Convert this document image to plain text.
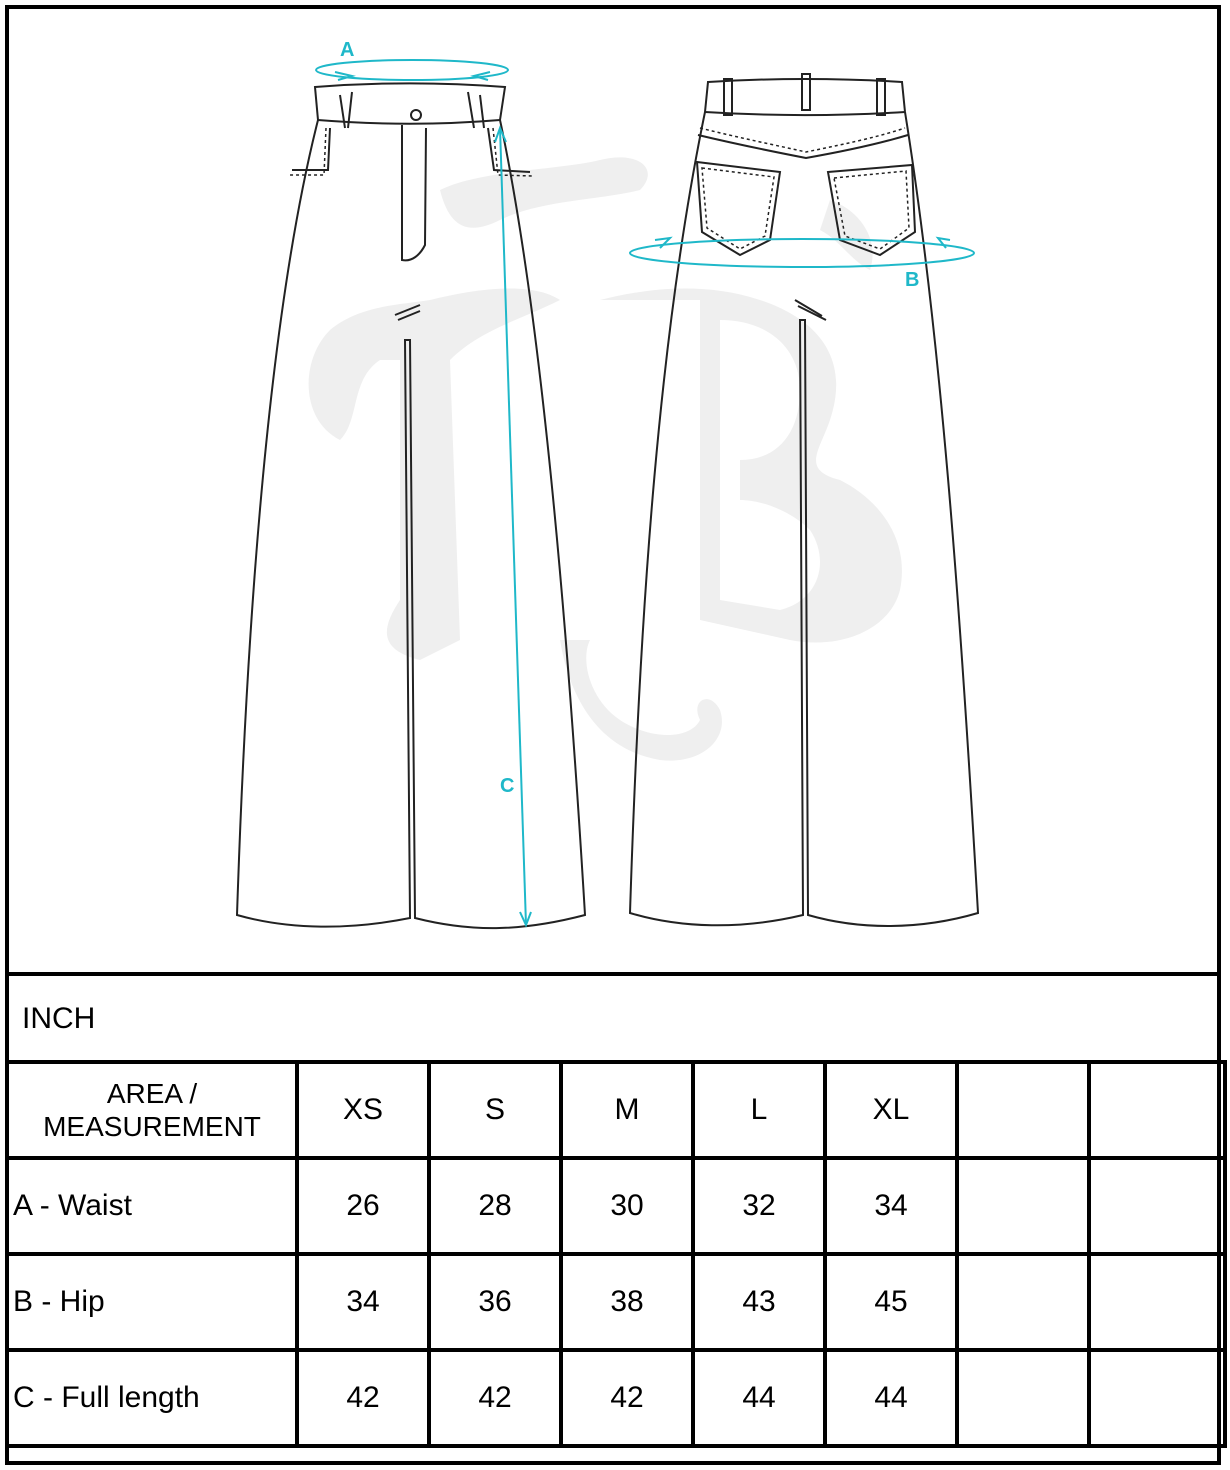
A
B
C
INCH
AREA / MEASUREMENT	XS	S	M	L	XL		
A - Waist	26	28	30	32	34		
B - Hip	34	36	38	43	45		
C - Full length	42	42	42	44	44		
